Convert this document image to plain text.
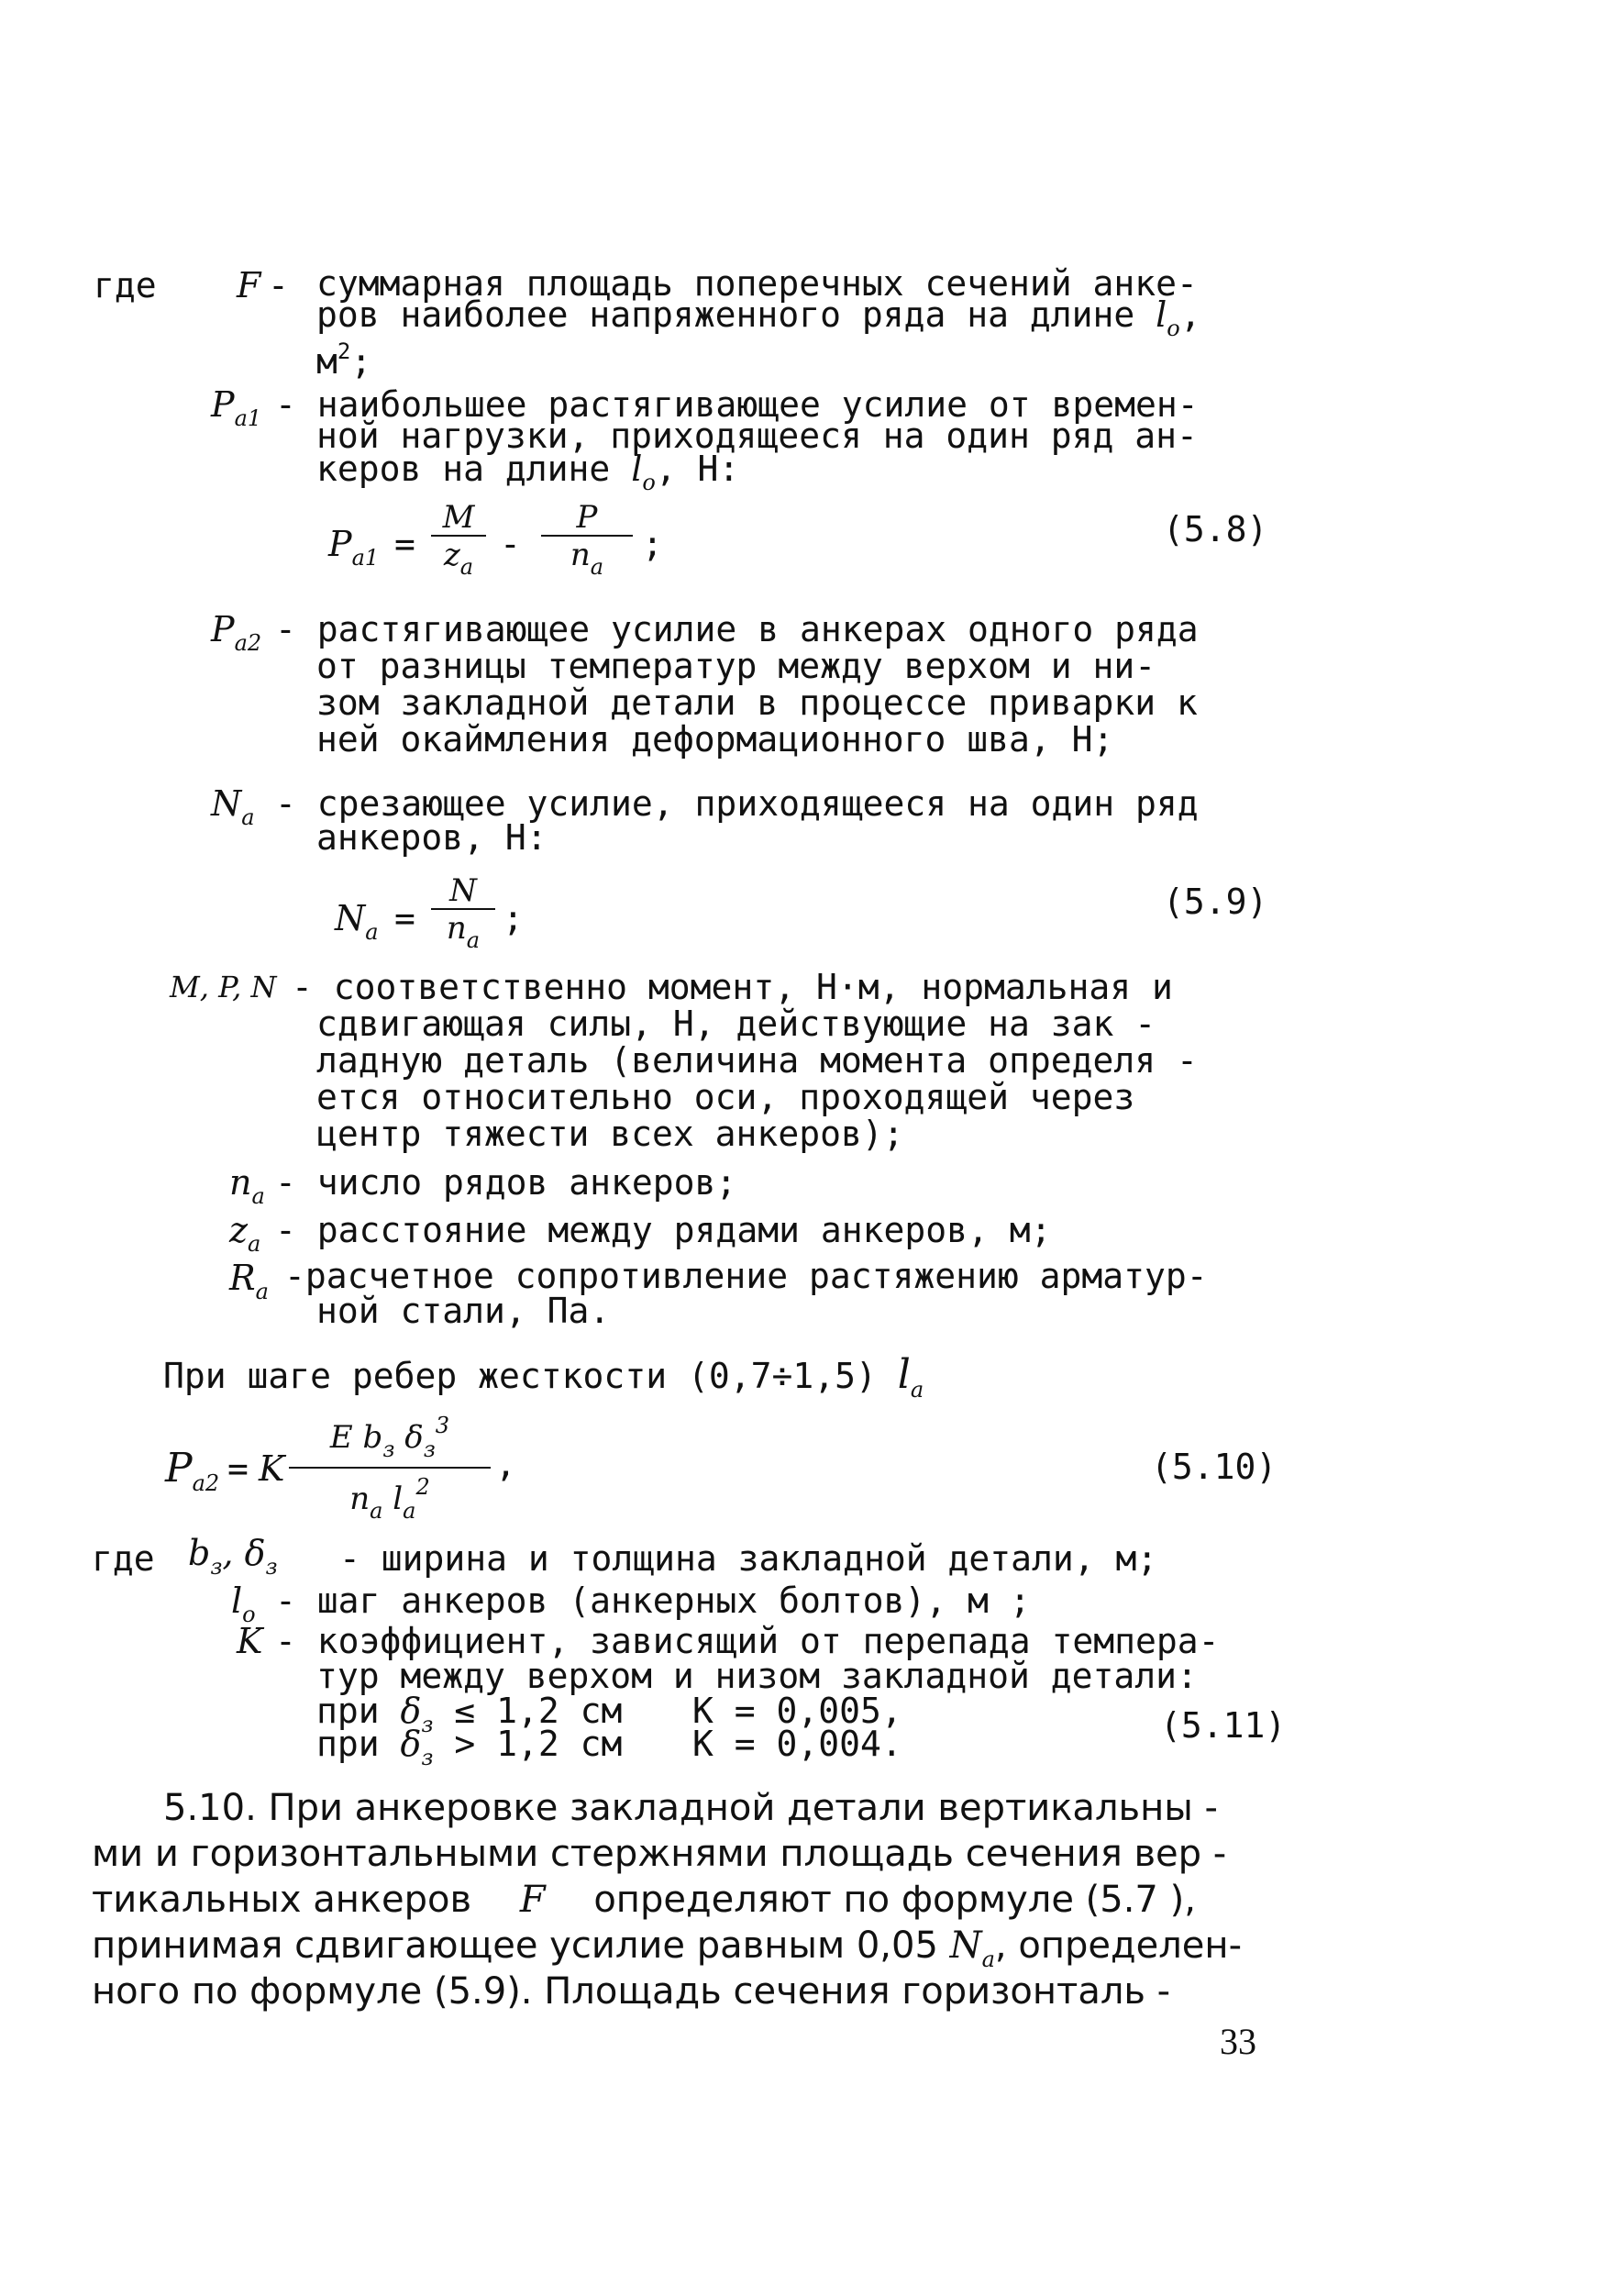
где F - суммарная площадь поперечных сечений анке-
ров наиболее напряженного ряда на длине $l_o$,
$м^2$;
$P_{a1}$ - наибольшее растягивающее усилие от времен-
ной нагрузки, приходящееся на один ряд ан-
керов на длине $l_o$, Н:
$P_{a1}$ =
M
$z_a$
-
P
$n_a$
;	(5.8)
$P_{a2}$ - растягивающее усилие в анкерах одного ряда
от разницы температур между верхом и ни-
зом закладной детали в процессе приварки к
ней окаймления деформационного шва, Н;
$N_a$ - срезающее усилие, приходящееся на один ряд
анкеров, Н:
$N_a$ =
N
$n_a$
;	(5.9)
M, P, N - соответственно момент, Н·м, нормальная и
сдвигающая силы, Н, действующие на зак -
ладную деталь (величина момента определя -
ется относительно оси, проходящей через
центр тяжести всех анкеров);
$n_a$ - число рядов анкеров;
$z_a$ - расстояние между рядами анкеров, м;
$R_a$ -расчетное сопротивление растяжению арматур-
ной стали, Па.
При шаге ребер жесткости (0,7÷1,5) $l_a$
$P_{a2} = K$
E $b_з$ $\delta_з^3$
$n_a$ $l_a^2$
,	(5.10)
где $b_з$, $\delta_з$ - ширина и толщина закладной детали, м;
$l_o$ - шаг анкеров (анкерных болтов), м ;
K - коэффициент, зависящий от перепада темпера-
тур между верхом и низом закладной детали:
при $\delta_з \le 1,2$ см K = 0,005,
при $\delta_з > 1,2$ см K = 0,004.	(5.11)
5.10. При анкеровке закладной детали вертикальны -
ми и горизонтальными стержнями площадь сечения вер -
тикальных анкеров F определяют по формуле (5.7 ),
принимая сдвигающее усилие равным 0,05 $N_a$, определен-
ного по формуле (5.9). Площадь сечения горизонталь -
33
